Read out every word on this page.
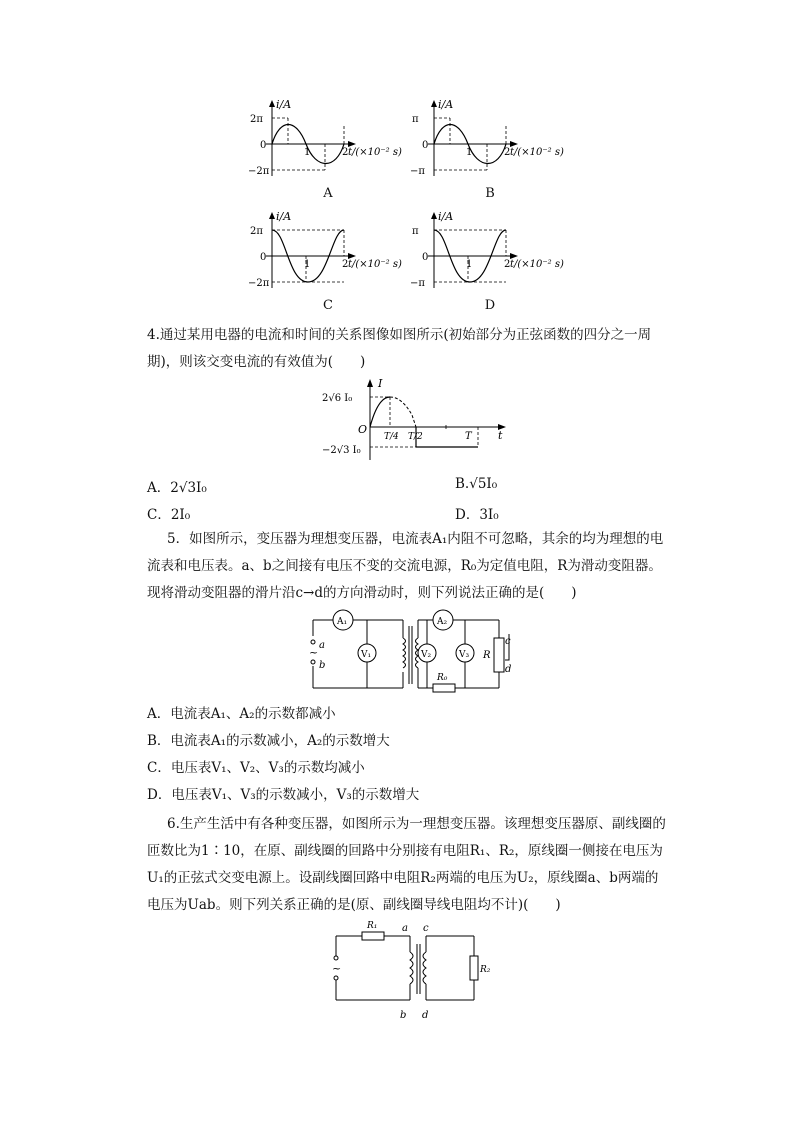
i/A
0
2π
−2π
1	2 t/(×10⁻² s)
A
i/A
0
π
−π
1	2 t/(×10⁻² s)
B
i/A
0
2π
−2π
1	2 t/(×10⁻² s)
C
i/A
0
π
−π
1	2 t/(×10⁻² s)
D
4.通过某用电器的电流和时间的关系图像如图所示(初始部分为正弦函数的四分之一周期)，则该交变电流的有效值为(　　)
I
t
O
2√6 I₀
−2√3 I₀
T/4 T/2	T
A．2√3I₀	B.√5I₀
C．2I₀	D．3I₀
5．如图所示，变压器为理想变压器，电流表A₁内阻不可忽略，其余的均为理想的电流表和电压表。a、b之间接有电压不变的交流电源，R₀为定值电阻，R为滑动变阻器。现将滑动变阻器的滑片沿c→d的方向滑动时，则下列说法正确的是(　　)
~
a
b
A₁	A₂
V₁	V₂	V₃ R
R₀
c
d
A．电流表A₁、A₂的示数都减小
B．电流表A₁的示数减小，A₂的示数增大
C．电压表V₁、V₂、V₃的示数均减小
D．电压表V₁、V₃的示数减小，V₃的示数增大
6.生产生活中有各种变压器，如图所示为一理想变压器。该理想变压器原、副线圈的匝数比为1∶10，在原、副线圈的回路中分别接有电阻R₁、R₂，原线圈一侧接在电压为U₁的正弦式交变电源上。设副线圈回路中电阻R₂两端的电压为U₂，原线圈a、b两端的电压为Uab。则下列关系正确的是(原、副线圈导线电阻均不计)(　　)
~
R₁
R₂
a c
b d
